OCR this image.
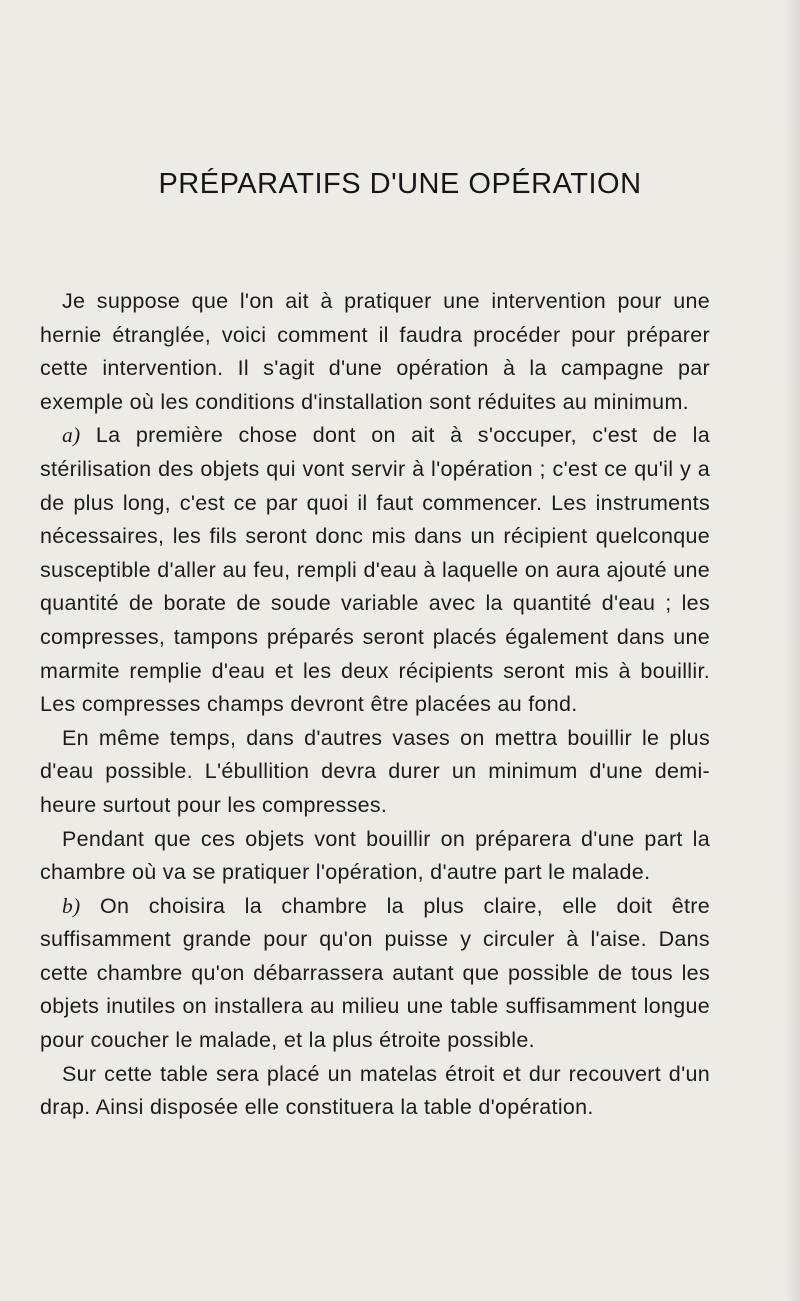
PRÉPARATIFS D'UNE OPÉRATION

Je suppose que l'on ait à pratiquer une intervention pour une hernie étranglée, voici comment il faudra procéder pour préparer cette intervention. Il s'agit d'une opération à la campagne par exemple où les conditions d'installation sont réduites au minimum.

a) La première chose dont on ait à s'occuper, c'est de la stérilisation des objets qui vont servir à l'opération ; c'est ce qu'il y a de plus long, c'est ce par quoi il faut commencer. Les instruments nécessaires, les fils seront donc mis dans un récipient quelconque susceptible d'aller au feu, rempli d'eau à laquelle on aura ajouté une quantité de borate de soude variable avec la quantité d'eau ; les compresses, tampons préparés seront placés également dans une marmite remplie d'eau et les deux récipients seront mis à bouillir. Les compresses champs devront être placées au fond.

En même temps, dans d'autres vases on mettra bouillir le plus d'eau possible. L'ébullition devra durer un minimum d'une demi-heure surtout pour les compresses.

Pendant que ces objets vont bouillir on préparera d'une part la chambre où va se pratiquer l'opération, d'autre part le malade.

b) On choisira la chambre la plus claire, elle doit être suffisamment grande pour qu'on puisse y circuler à l'aise. Dans cette chambre qu'on débarrassera autant que possible de tous les objets inutiles on installera au milieu une table suffisamment longue pour coucher le malade, et la plus étroite possible.

Sur cette table sera placé un matelas étroit et dur recouvert d'un drap. Ainsi disposée elle constituera la table d'opération.
